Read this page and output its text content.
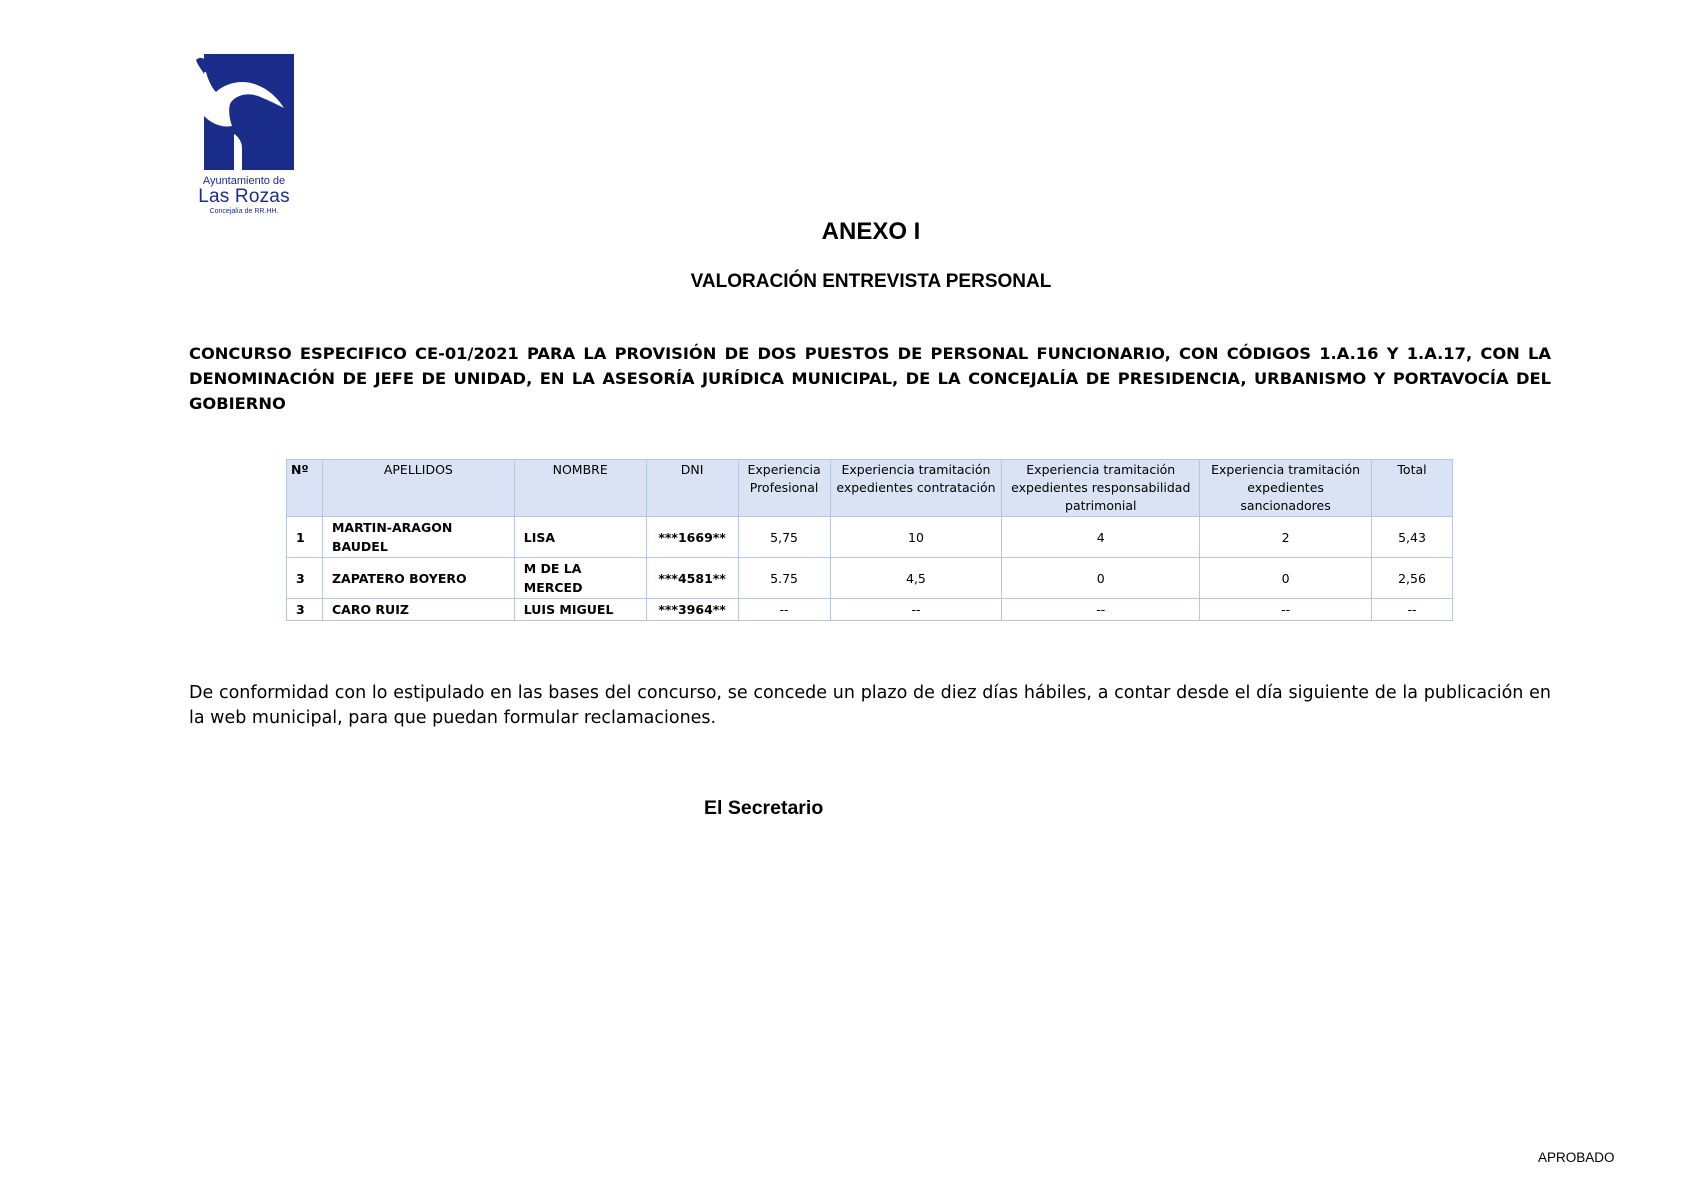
Ayuntamiento de
Las Rozas
Concejalía de RR.HH.
ANEXO I
VALORACIÓN ENTREVISTA PERSONAL
CONCURSO ESPECIFICO CE-01/2021 PARA LA PROVISIÓN DE DOS PUESTOS DE PERSONAL FUNCIONARIO, CON CÓDIGOS 1.A.16 Y 1.A.17, CON LA DENOMINACIÓN DE JEFE DE UNIDAD, EN LA ASESORÍA JURÍDICA MUNICIPAL, DE LA CONCEJALÍA DE PRESIDENCIA, URBANISMO Y PORTAVOCÍA DEL GOBIERNO
Nº	APELLIDOS	NOMBRE	DNI	Experiencia Profesional	Experiencia tramitación expedientes contratación	Experiencia tramitación expedientes responsabilidad patrimonial	Experiencia tramitación expedientes sancionadores	Total
1	MARTIN-ARAGON BAUDEL	LISA	***1669**	5,75	10	4	2	5,43
3	ZAPATERO BOYERO	M DE LA MERCED	***4581**	5.75	4,5	0	0	2,56
3	CARO RUIZ	LUIS MIGUEL	***3964**	--	--	--	--	--
De conformidad con lo estipulado en las bases del concurso, se concede un plazo de diez días hábiles, a contar desde el día siguiente de la publicación en la web municipal, para que puedan formular reclamaciones.
El Secretario
APROBADO
